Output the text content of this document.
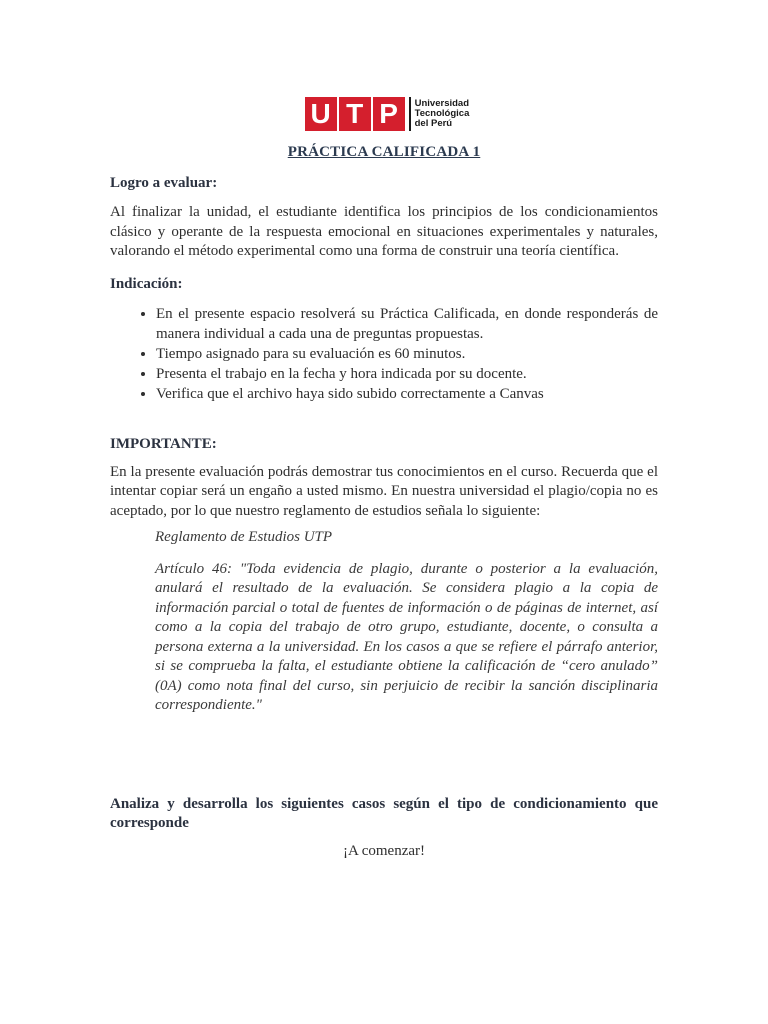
U T P	Universidad
Tecnológica
del Perú
PRÁCTICA CALIFICADA 1
Logro a evaluar:

Al finalizar la unidad, el estudiante identifica los principios de los condicionamientos clásico y operante de la respuesta emocional en situaciones experimentales y naturales, valorando el método experimental como una forma de construir una teoría científica.

Indicación:
• En el presente espacio resolverá su Práctica Calificada, en donde responderás de manera individual a cada una de preguntas propuestas.
• Tiempo asignado para su evaluación es 60 minutos.
• Presenta el trabajo en la fecha y hora indicada por su docente.
• Verifica que el archivo haya sido subido correctamente a Canvas
IMPORTANTE:

En la presente evaluación podrás demostrar tus conocimientos en el curso. Recuerda que el intentar copiar será un engaño a usted mismo. En nuestra universidad el plagio/copia no es aceptado, por lo que nuestro reglamento de estudios señala lo siguiente:

Reglamento de Estudios UTP
Artículo 46: "Toda evidencia de plagio, durante o posterior a la evaluación, anulará el resultado de la evaluación. Se considera plagio a la copia de información parcial o total de fuentes de información o de páginas de internet, así como a la copia del trabajo de otro grupo, estudiante, docente, o consulta a persona externa a la universidad. En los casos a que se refiere el párrafo anterior, si se comprueba la falta, el estudiante obtiene la calificación de “cero anulado” (0A) como nota final del curso, sin perjuicio de recibir la sanción disciplinaria correspondiente."
Analiza y desarrolla los siguientes casos según el tipo de condicionamiento que corresponde
¡A comenzar!
